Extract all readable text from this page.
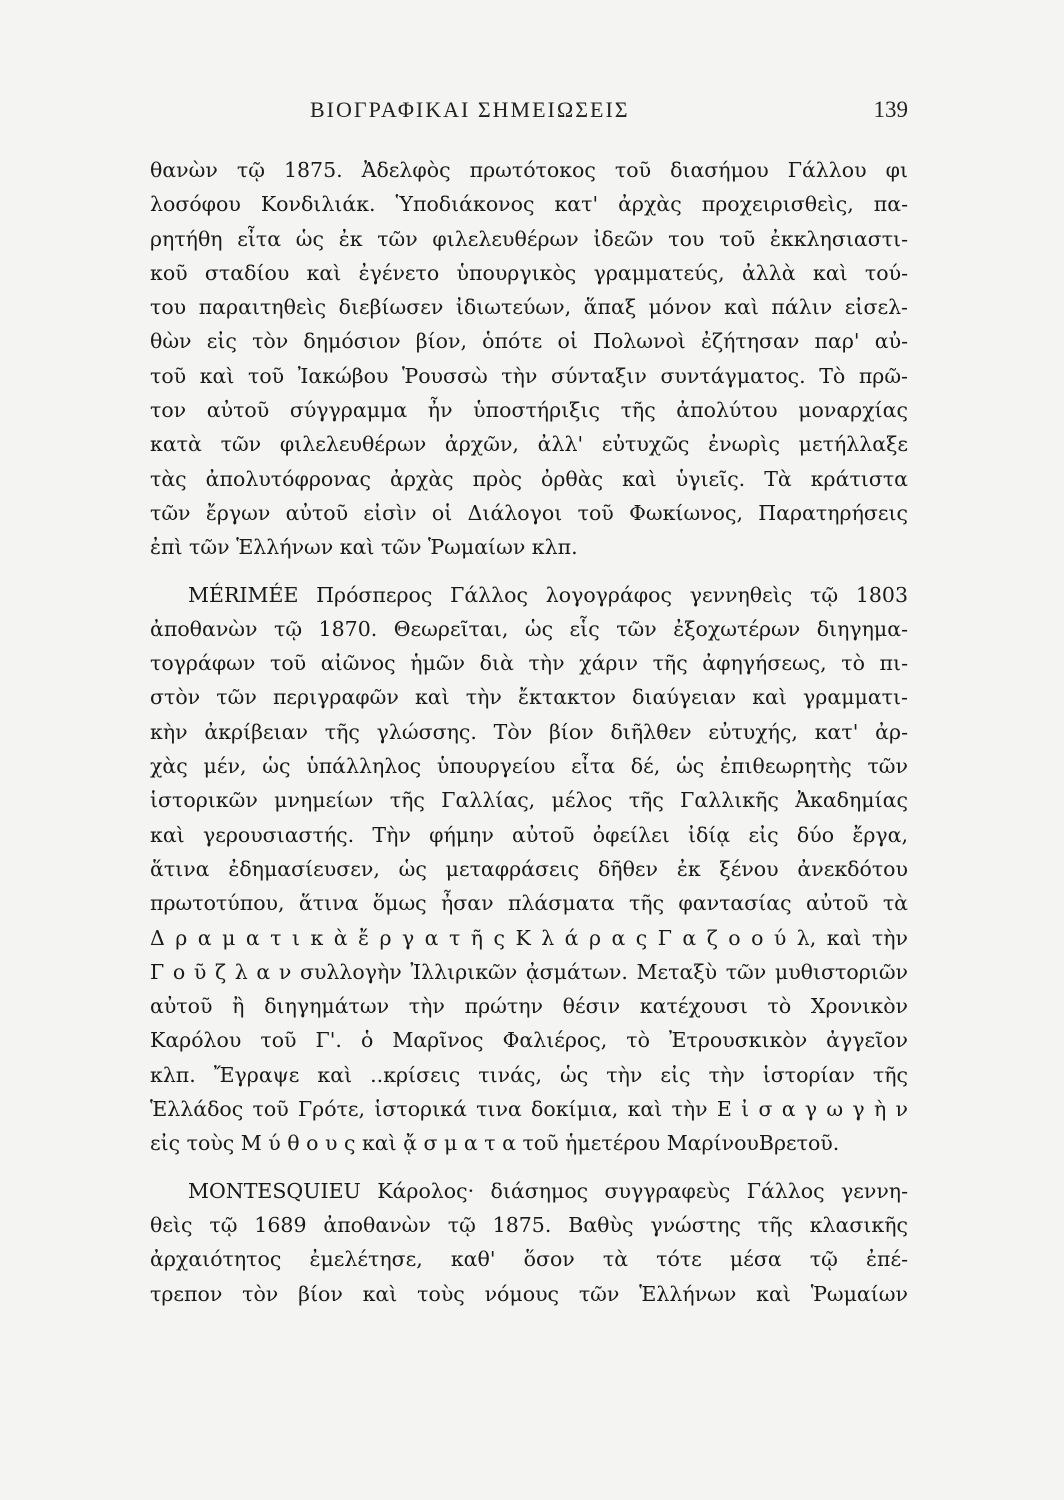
ΒΙΟΓΡΑΦΙΚΑΙ ΣΗΜΕΙΩΣΕΙΣ	139
θανὼν τῷ 1875. Ἀδελφὸς πρωτότοκος τοῦ διασήμου Γάλλου φι
λοσόφου Κονδιλιάκ. Ὑποδιάκονος κατ' ἀρχὰς προχειρισθεὶς, πα-
ρητήθη εἶτα ὡς ἐκ τῶν φιλελευθέρων ἰδεῶν του τοῦ ἐκκλησιαστι-
κοῦ σταδίου καὶ ἐγένετο ὑπουργικὸς γραμματεύς, ἀλλὰ καὶ τού-
του παραιτηθεὶς διεβίωσεν ἰδιωτεύων, ἅπαξ μόνον καὶ πάλιν εἰσελ-
θὼν εἰς τὸν δημόσιον βίον, ὁπότε οἱ Πολωνοὶ ἐζήτησαν παρ' αὐ-
τοῦ καὶ τοῦ Ἰακώβου Ῥουσσὼ τὴν σύνταξιν συντάγματος. Τὸ πρῶ-
τον αὐτοῦ σύγγραμμα ἦν ὑποστήριξις τῆς ἀπολύτου μοναρχίας
κατὰ τῶν φιλελευθέρων ἀρχῶν, ἀλλ' εὐτυχῶς ἐνωρὶς μετήλλαξε
τὰς ἀπολυτόφρονας ἀρχὰς πρὸς ὀρθὰς καὶ ὑγιεῖς. Τὰ κράτιστα
τῶν ἔργων αὐτοῦ εἰσὶν οἱ Διάλογοι τοῦ Φωκίωνος, Παρατηρήσεις
ἐπὶ τῶν Ἑλλήνων καὶ τῶν Ῥωμαίων κλπ.
MÉRIMÉE Πρόσπερος Γάλλος λογογράφος γεννηθεὶς τῷ 1803
ἀποθανὼν τῷ 1870. Θεωρεῖται, ὡς εἷς τῶν ἐξοχωτέρων διηγημα-
τογράφων τοῦ αἰῶνος ἡμῶν διὰ τὴν χάριν τῆς ἀφηγήσεως, τὸ πι-
στὸν τῶν περιγραφῶν καὶ τὴν ἔκτακτον διαύγειαν καὶ γραμματι-
κὴν ἀκρίβειαν τῆς γλώσσης. Τὸν βίον διῆλθεν εὐτυχής, κατ' ἀρ-
χὰς μέν, ὡς ὑπάλληλος ὑπουργείου εἶτα δέ, ὡς ἐπιθεωρητὴς τῶν
ἱστορικῶν μνημείων τῆς Γαλλίας, μέλος τῆς Γαλλικῆς Ἀκαδημίας
καὶ γερουσιαστής. Τὴν φήμην αὐτοῦ ὀφείλει ἰδίᾳ εἰς δύο ἔργα,
ἅτινα ἐδημασίευσεν, ὡς μεταφράσεις δῆθεν ἐκ ξένου ἀνεκδότου
πρωτοτύπου, ἅτινα ὅμως ἦσαν πλάσματα τῆς φαντασίας αὐτοῦ τὰ
Δ ρ α μ α τ ι κ ὰ ἔ ρ γ α τ ῆ ς Κ λ ά ρ α ς Γ α ζ ο ο ύ λ, καὶ τὴν
Γ ο ῦ ζ λ α ν συλλογὴν Ἰλλιρικῶν ᾀσμάτων. Μεταξὺ τῶν μυθιστοριῶν
αὐτοῦ ἢ διηγημάτων τὴν πρώτην θέσιν κατέχουσι τὸ Χρονικὸν
Καρόλου τοῦ Γ'. ὁ Μαρῖνος Φαλιέρος, τὸ Ἐτρουσκικὸν ἀγγεῖον
κλπ. Ἔγραψε καὶ ..κρίσεις τινάς, ὡς τὴν εἰς τὴν ἱστορίαν τῆς
Ἑλλάδος τοῦ Γρότε, ἱστορικά τινα δοκίμια, καὶ τὴν Ε ἰ σ α γ ω γ ὴ ν
εἰς τοὺς Μ ύ θ ο υ ς καὶ ᾄ σ μ α τ α τοῦ ἡμετέρου ΜαρίνουΒρετοῦ.
MONTESQUIEU Κάρολος· διάσημος συγγραφεὺς Γάλλος γεννη-
θεὶς τῷ 1689 ἀποθανὼν τῷ 1875. Βαθὺς γνώστης τῆς κλασικῆς
ἀρχαιότητος ἐμελέτησε, καθ' ὅσον τὰ τότε μέσα τῷ ἐπέ-
τρεπον τὸν βίον καὶ τοὺς νόμους τῶν Ἑλλήνων καὶ Ῥωμαίων
